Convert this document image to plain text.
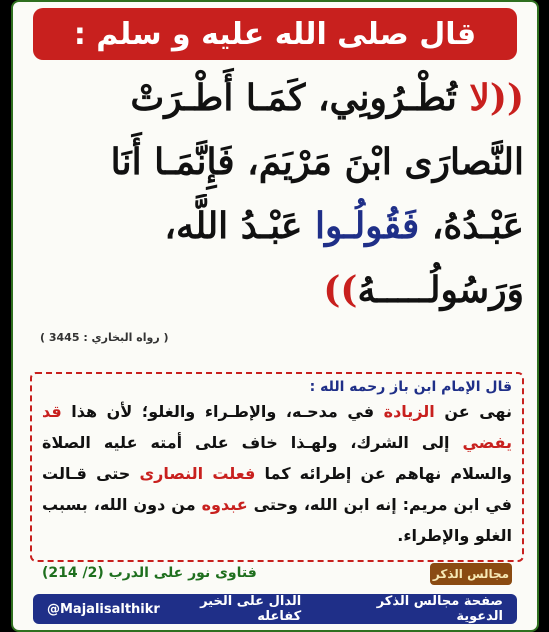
قال صلى الله عليه و سلم :
((لا تُطْـرُونِي، كَمَـا أَطْـرَتْ
النَّصارَى ابْنَ مَرْيَمَ، فَإِنَّمَـا أَنَا
عَبْـدُهُ، فَقُولُـوا عَبْـدُ اللَّه،
وَرَسُولُـــــهُ))
( رواه البخاري : 3445 )
قال الإمام ابن باز رحمه الله :
نهى عن الزيادة في مدحـه، والإطـراء والغلو؛ لأن هذا قد يفضي إلى الشرك، ولهـذا خاف على أمته عليه الصلاة والسلام نهاهم عن إطرائه كما فعلت النصارى حتى قـالت في ابن مريم: إنه ابن الله، وحتى عبدوه من دون الله، بسبب الغلو والإطراء.
فتاوى نور على الدرب (2/ 214)	مجالس الذكر
@Majalisalthikr	صفحة مجالس الذكر الدعوية
الدال على الخير كفاعله
